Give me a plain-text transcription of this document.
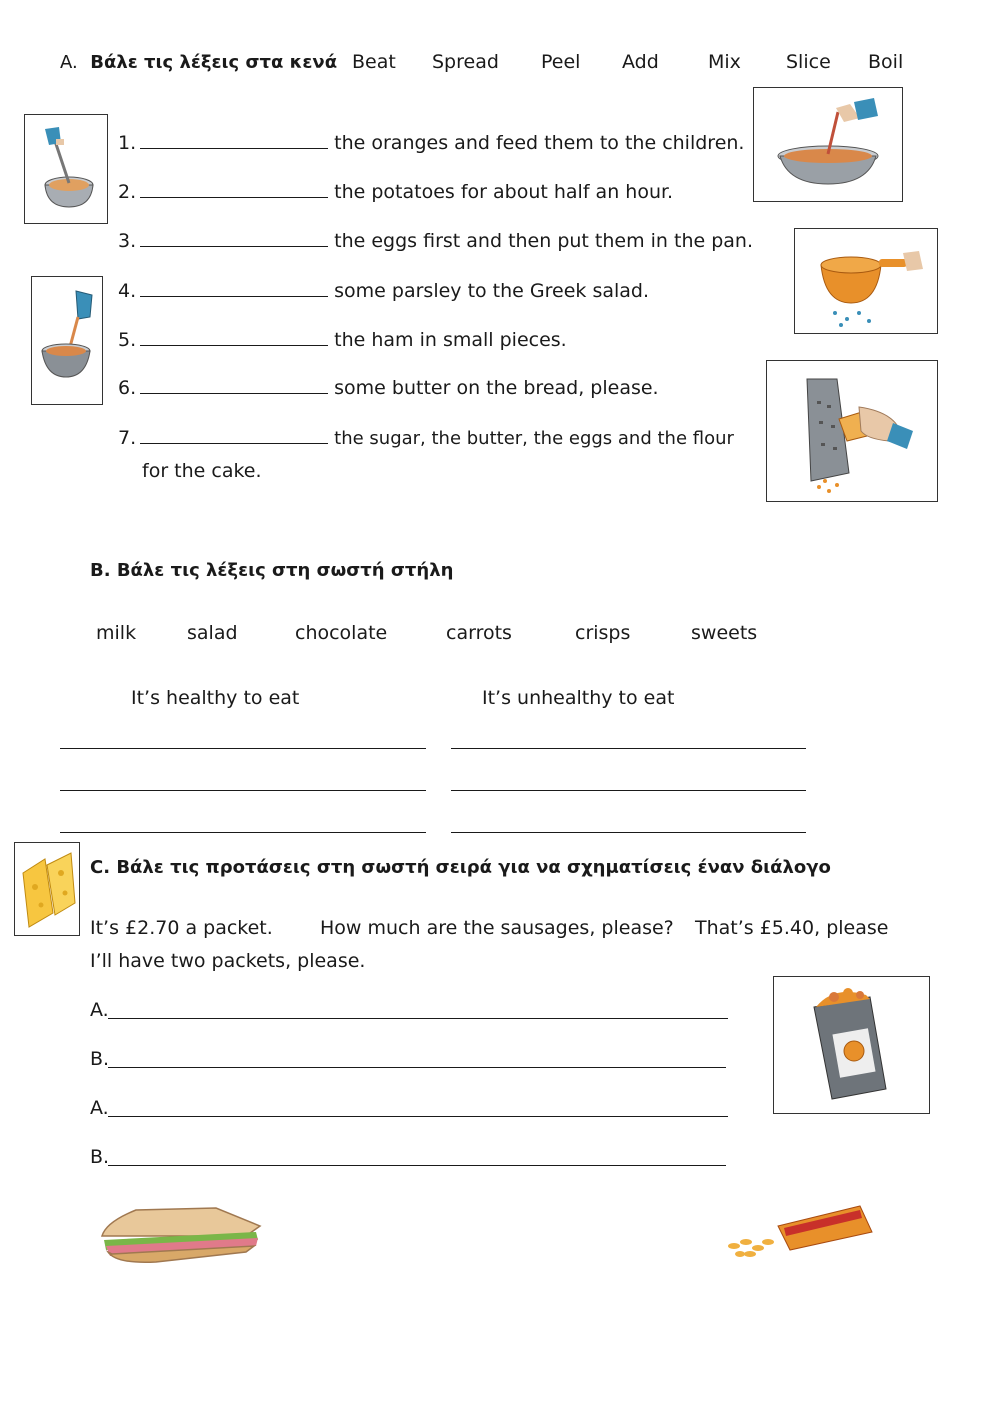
A. Βάλε τις λέξεις στα κενά Beat Spread Peel Add	Mix Slice Boil
1.	the oranges and feed them to the children.
2.	the potatoes for about half an hour.
3.	the eggs first and then put them in the pan.
4.	some parsley to the Greek salad.
5.	the ham in small pieces.
6.	some butter on the bread, please.
7.	the sugar, the butter, the eggs and the flour
for the cake.
B. Βάλε τις λέξεις στη σωστή στήλη
milk	salad	chocolate	carrots	crisps	sweets
It’s healthy to eat	It’s unhealthy to eat
C. Βάλε τις προτάσεις στη σωστή σειρά για να σχηματίσεις έναν διάλογο
It’s £2.70 a packet. How much are the sausages, please? That’s £5.40, please
I’ll have two packets, please.
A.
B.
A.
B.
